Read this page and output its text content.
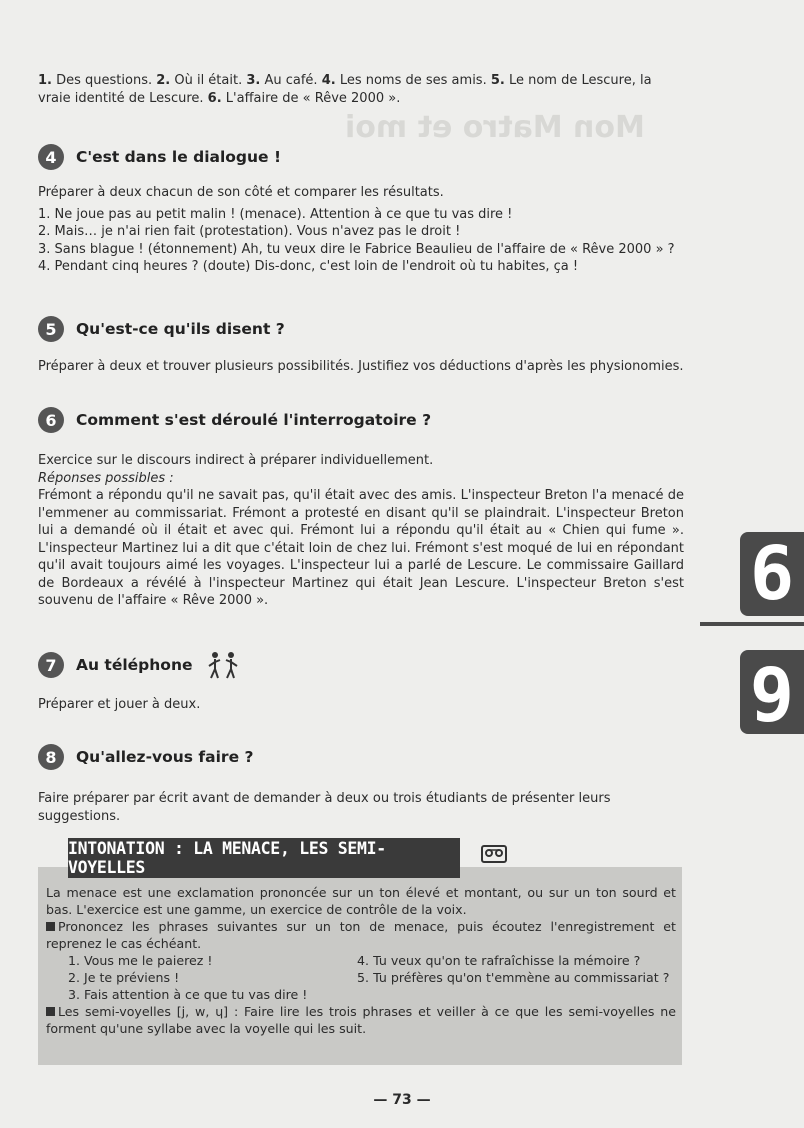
Mon Matro et moi

1. Des questions. 2. Où il était. 3. Au café. 4. Les noms de ses amis. 5. Le nom de Lescure, la

vraie identité de Lescure. 6. L'affaire de « Rêve 2000 ».

4	C'est dans le dialogue !

Préparer à deux chacun de son côté et comparer les résultats.

1. Ne joue pas au petit malin ! (menace). Attention à ce que tu vas dire !

2. Mais… je n'ai rien fait (protestation). Vous n'avez pas le droit !

3. Sans blague ! (étonnement) Ah, tu veux dire le Fabrice Beaulieu de l'affaire de « Rêve 2000 » ?

4. Pendant cinq heures ? (doute) Dis-donc, c'est loin de l'endroit où tu habites, ça !

5	Qu'est-ce qu'ils disent ?

Préparer à deux et trouver plusieurs possibilités. Justifiez vos déductions d'après les physionomies.

6	Comment s'est déroulé l'interrogatoire ?

Exercice sur le discours indirect à préparer individuellement.

Réponses possibles :

Frémont a répondu qu'il ne savait pas, qu'il était avec des amis. L'inspecteur Breton l'a menacé de l'emmener au commissariat. Frémont a protesté en disant qu'il se plaindrait. L'inspecteur Breton lui a demandé où il était et avec qui. Frémont lui a répondu qu'il était au « Chien qui fume ». L'inspecteur Martinez lui a dit que c'était loin de chez lui. Frémont s'est moqué de lui en répondant qu'il avait toujours aimé les voyages. L'inspecteur lui a parlé de Lescure. Le commissaire Gaillard de Bordeaux a révélé à l'inspecteur Martinez qui était Jean Lescure. L'inspecteur Breton s'est souvenu de l'affaire « Rêve 2000 ».

7	Au téléphone

Préparer et jouer à deux.

8	Qu'allez-vous faire ?

Faire préparer par écrit avant de demander à deux ou trois étudiants de présenter leurs suggestions.

INTONATION : LA MENACE, LES SEMI-VOYELLES

La menace est une exclamation prononcée sur un ton élevé et montant, ou sur un ton sourd et bas. L'exercice est une gamme, un exercice de contrôle de la voix.

Prononcez les phrases suivantes sur un ton de menace, puis écoutez l'enregistrement et reprenez le cas échéant.

1. Vous me le paierez !

2. Je te préviens !

3. Fais attention à ce que tu vas dire !

4. Tu veux qu'on te rafraîchisse la mémoire ?

5. Tu préfères qu'on t'emmène au commissariat ?

Les semi-voyelles [j, w, ɥ] : Faire lire les trois phrases et veiller à ce que les semi-voyelles ne forment qu'une syllabe avec la voyelle qui les suit.

6
6
— 73 —
